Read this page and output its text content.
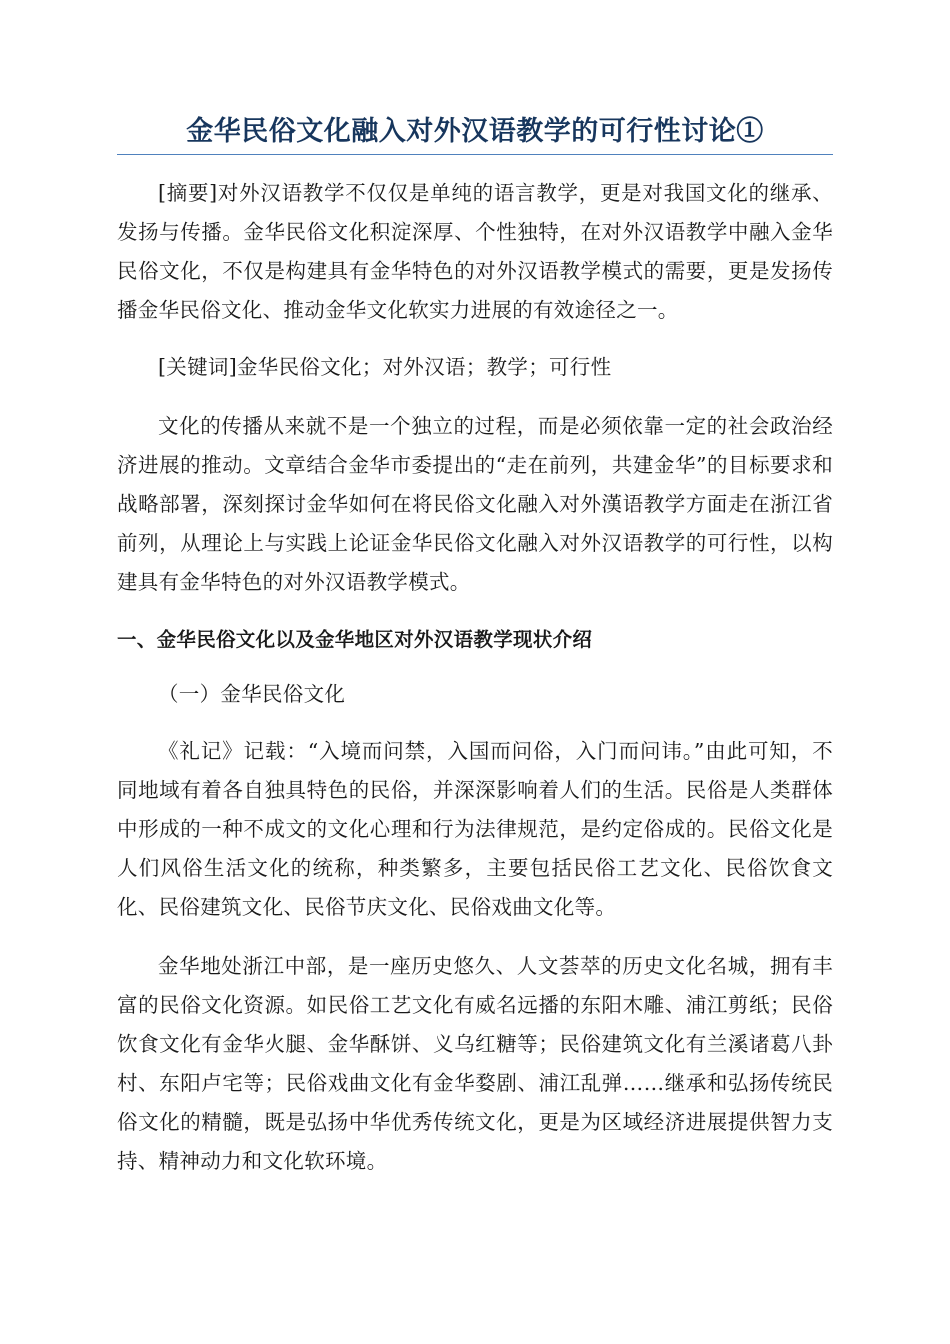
金华民俗文化融入对外汉语教学的可行性讨论①

[摘要]对外汉语教学不仅仅是单纯的语言教学，更是对我国文化的继承、发扬与传播。金华民俗文化积淀深厚、个性独特，在对外汉语教学中融入金华民俗文化，不仅是构建具有金华特色的对外汉语教学模式的需要，更是发扬传播金华民俗文化、推动金华文化软实力进展的有效途径之一。

[关键词]金华民俗文化；对外汉语；教学；可行性

文化的传播从来就不是一个独立的过程，而是必须依靠一定的社会政治经济进展的推动。文章结合金华市委提出的“走在前列，共建金华”的目标要求和战略部署，深刻探讨金华如何在将民俗文化融入对外漢语教学方面走在浙江省前列，从理论上与实践上论证金华民俗文化融入对外汉语教学的可行性，以构建具有金华特色的对外汉语教学模式。

一、金华民俗文化以及金华地区对外汉语教学现状介绍

（一）金华民俗文化

《礼记》记载：“入境而问禁，入国而问俗，入门而问讳。”由此可知，不同地域有着各自独具特色的民俗，并深深影响着人们的生活。民俗是人类群体中形成的一种不成文的文化心理和行为法律规范，是约定俗成的。民俗文化是人们风俗生活文化的统称，种类繁多，主要包括民俗工艺文化、民俗饮食文化、民俗建筑文化、民俗节庆文化、民俗戏曲文化等。

金华地处浙江中部，是一座历史悠久、人文荟萃的历史文化名城，拥有丰富的民俗文化资源。如民俗工艺文化有威名远播的东阳木雕、浦江剪纸；民俗饮食文化有金华火腿、金华酥饼、义乌红糖等；民俗建筑文化有兰溪诸葛八卦村、东阳卢宅等；民俗戏曲文化有金华婺剧、浦江乱弹……继承和弘扬传统民俗文化的精髓，既是弘扬中华优秀传统文化，更是为区域经济进展提供智力支持、精神动力和文化软环境。
